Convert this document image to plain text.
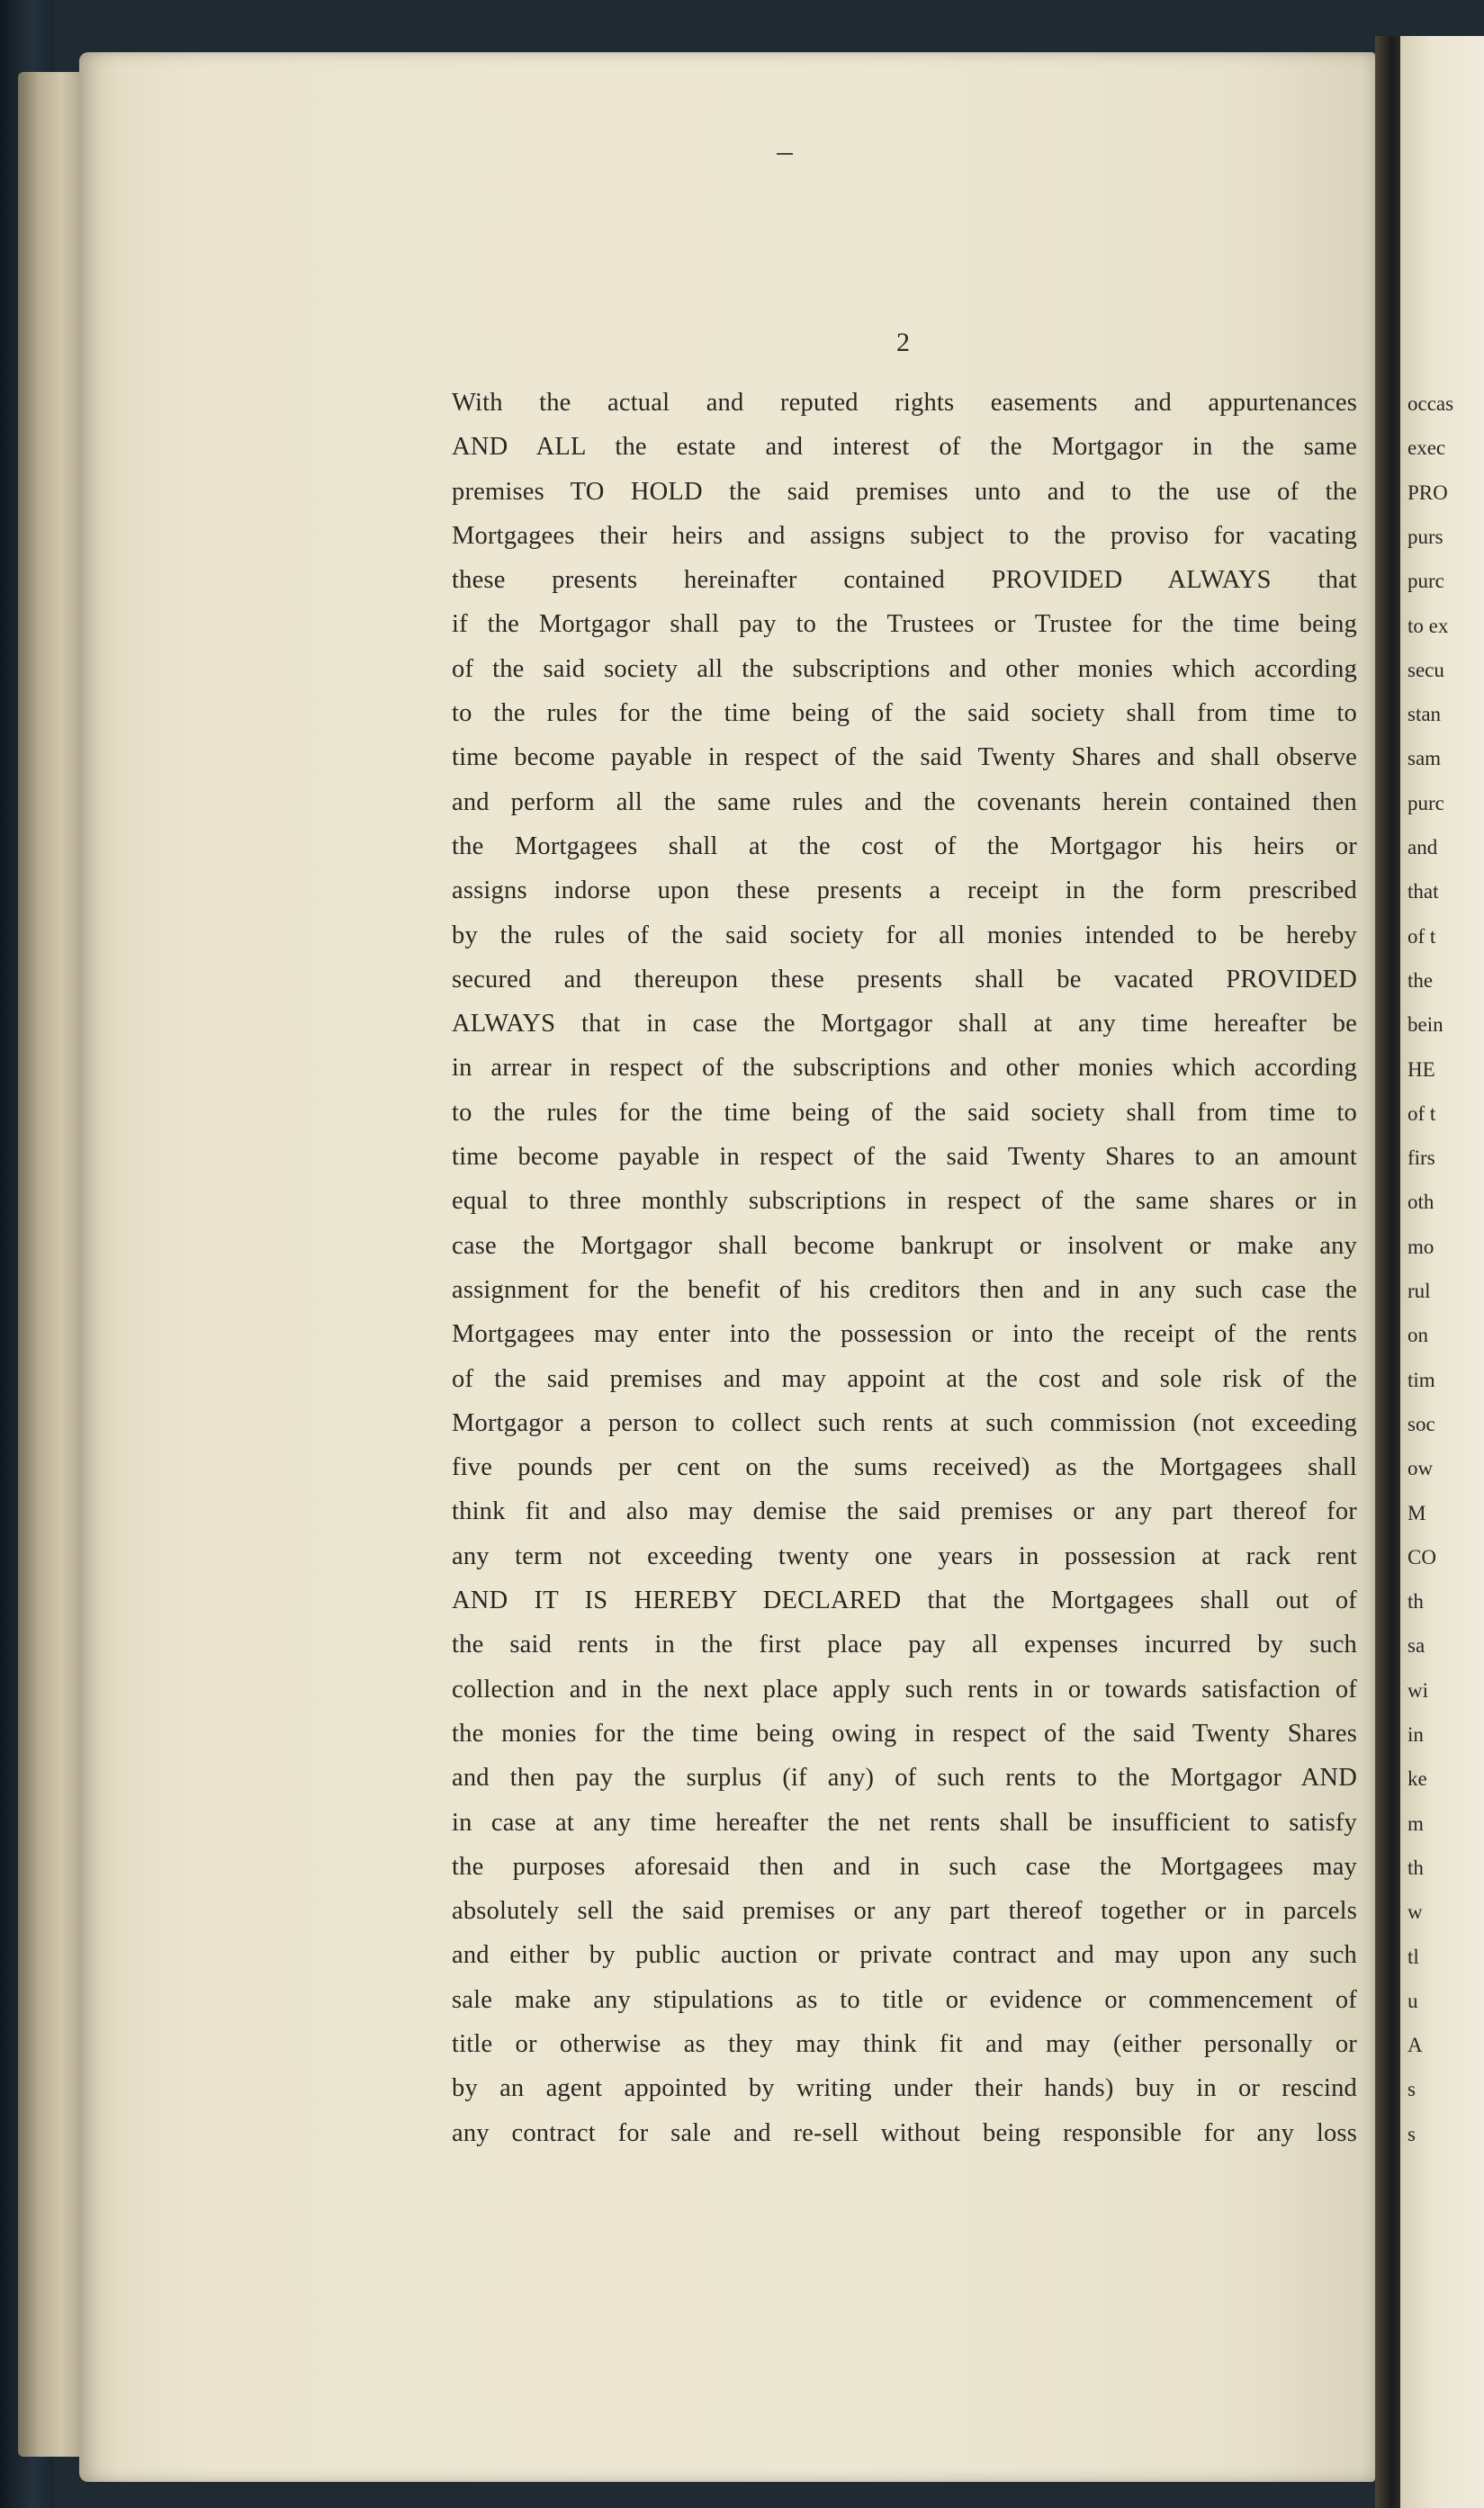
2
With the actual and reputed rights easements and appurtenances
AND ALL the estate and interest of the Mortgagor in the same
premises TO HOLD the said premises unto and to the use of the
Mortgagees their heirs and assigns subject to the proviso for vacating
these presents hereinafter contained PROVIDED ALWAYS that
if the Mortgagor shall pay to the Trustees or Trustee for the time being
of the said society all the subscriptions and other monies which according
to the rules for the time being of the said society shall from time to
time become payable in respect of the said Twenty Shares and shall observe
and perform all the same rules and the covenants herein contained then
the Mortgagees shall at the cost of the Mortgagor his heirs or
assigns indorse upon these presents a receipt in the form prescribed
by the rules of the said society for all monies intended to be hereby
secured and thereupon these presents shall be vacated PROVIDED
ALWAYS that in case the Mortgagor shall at any time hereafter be
in arrear in respect of the subscriptions and other monies which according
to the rules for the time being of the said society shall from time to
time become payable in respect of the said Twenty Shares to an amount
equal to three monthly subscriptions in respect of the same shares or in
case the Mortgagor shall become bankrupt or insolvent or make any
assignment for the benefit of his creditors then and in any such case the
Mortgagees may enter into the possession or into the receipt of the rents
of the said premises and may appoint at the cost and sole risk of the
Mortgagor a person to collect such rents at such commission (not exceeding
five pounds per cent on the sums received) as the Mortgagees shall
think fit and also may demise the said premises or any part thereof for
any term not exceeding twenty one years in possession at rack rent
AND IT IS HEREBY DECLARED that the Mortgagees shall out of
the said rents in the first place pay all expenses incurred by such
collection and in the next place apply such rents in or towards satisfaction of
the monies for the time being owing in respect of the said Twenty Shares
and then pay the surplus (if any) of such rents to the Mortgagor AND
in case at any time hereafter the net rents shall be insufficient to satisfy
the purposes aforesaid then and in such case the Mortgagees may
absolutely sell the said premises or any part thereof together or in parcels
and either by public auction or private contract and may upon any such
sale make any stipulations as to title or evidence or commencement of
title or otherwise as they may think fit and may (either personally or
by an agent appointed by writing under their hands) buy in or rescind
any contract for sale and re-sell without being responsible for any loss
occas
exec
PRO
purs
purc
to ex
secu
stan
sam
purc
and
that
of t
the
bein
HE
of t
firs
oth
mo
rul
on
tim
soc
ow
M
CO
th
sa
wi
in
ke
m
th
w
tl
u
A
s
s
